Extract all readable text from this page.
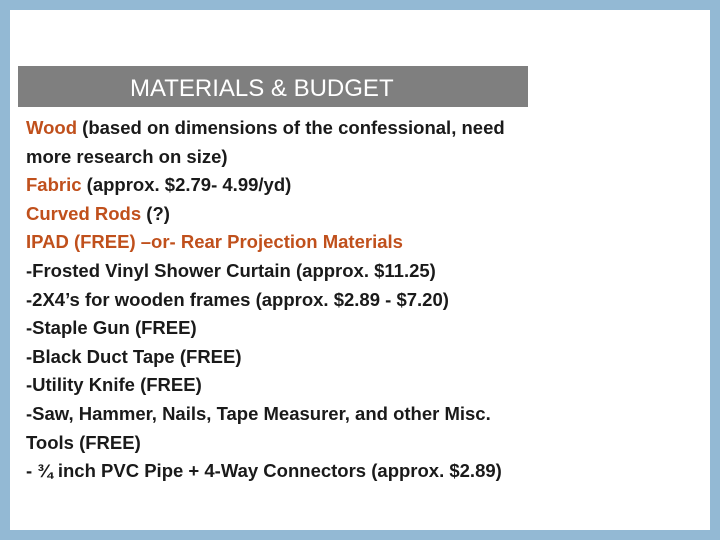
MATERIALS & BUDGET
Wood (based on dimensions of the confessional, need
more research on size)
Fabric (approx. $2.79- 4.99/yd)
Curved Rods (?)
IPAD (FREE) –or- Rear Projection Materials
-Frosted Vinyl Shower Curtain (approx. $11.25)
-2X4’s for wooden frames (approx. $2.89 - $7.20)
-Staple Gun (FREE)
-Black Duct Tape (FREE)
-Utility Knife (FREE)
-Saw, Hammer, Nails, Tape Measurer, and other Misc.
Tools (FREE)
- ¾ inch PVC Pipe + 4-Way Connectors (approx. $2.89)
